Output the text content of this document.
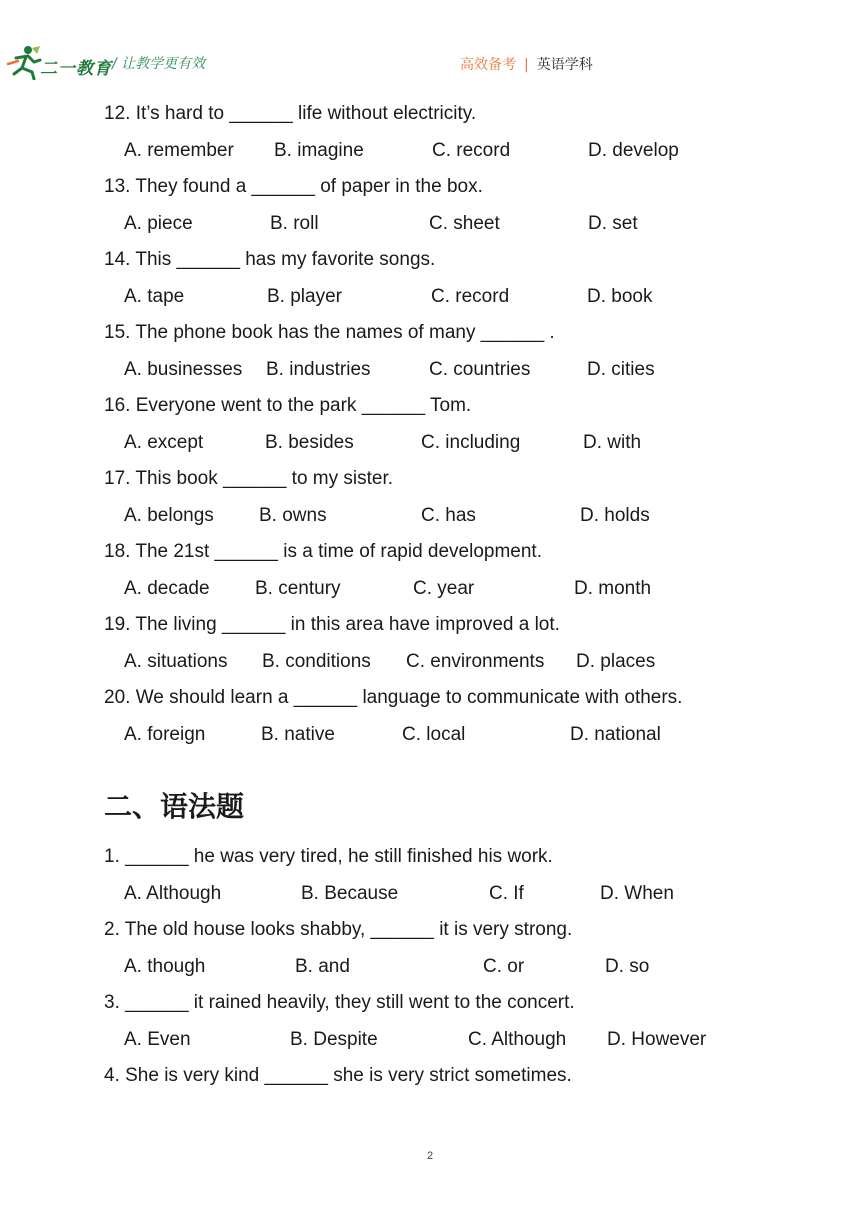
二一教育 / 让教学更有效	高效备考 | 英语学科
12. It’s hard to ______ life without electricity.
A. remember B. imagine	C. record	D. develop
13. They found a ______ of paper in the box.
A. piece	B. roll	C. sheet	D. set
14. This ______ has my favorite songs.
A. tape	B. player	C. record	D. book
15. The phone book has the names of many ______ .
A. businesses B. industries	C. countries	D. cities
16. Everyone went to the park ______ Tom.
A. except	B. besides	C. including	D. with
17. This book ______ to my sister.
A. belongs B. owns	C. has	D. holds
18. The 21st ______ is a time of rapid development.
A. decade B. century	C. year	D. month
19. The living ______ in this area have improved a lot.
A. situations B. conditions C. environments D. places
20. We should learn a ______ language to communicate with others.
A. foreign	B. native	C. local	D. national
二、语法题
1. ______ he was very tired, he still finished his work.
A. Although	B. Because	C. If	D. When
2. The old house looks shabby, ______ it is very strong.
A. though	B. and	C. or	D. so
3. ______ it rained heavily, they still went to the concert.
A. Even	B. Despite	C. Although D. However
4. She is very kind ______ she is very strict sometimes.
2
